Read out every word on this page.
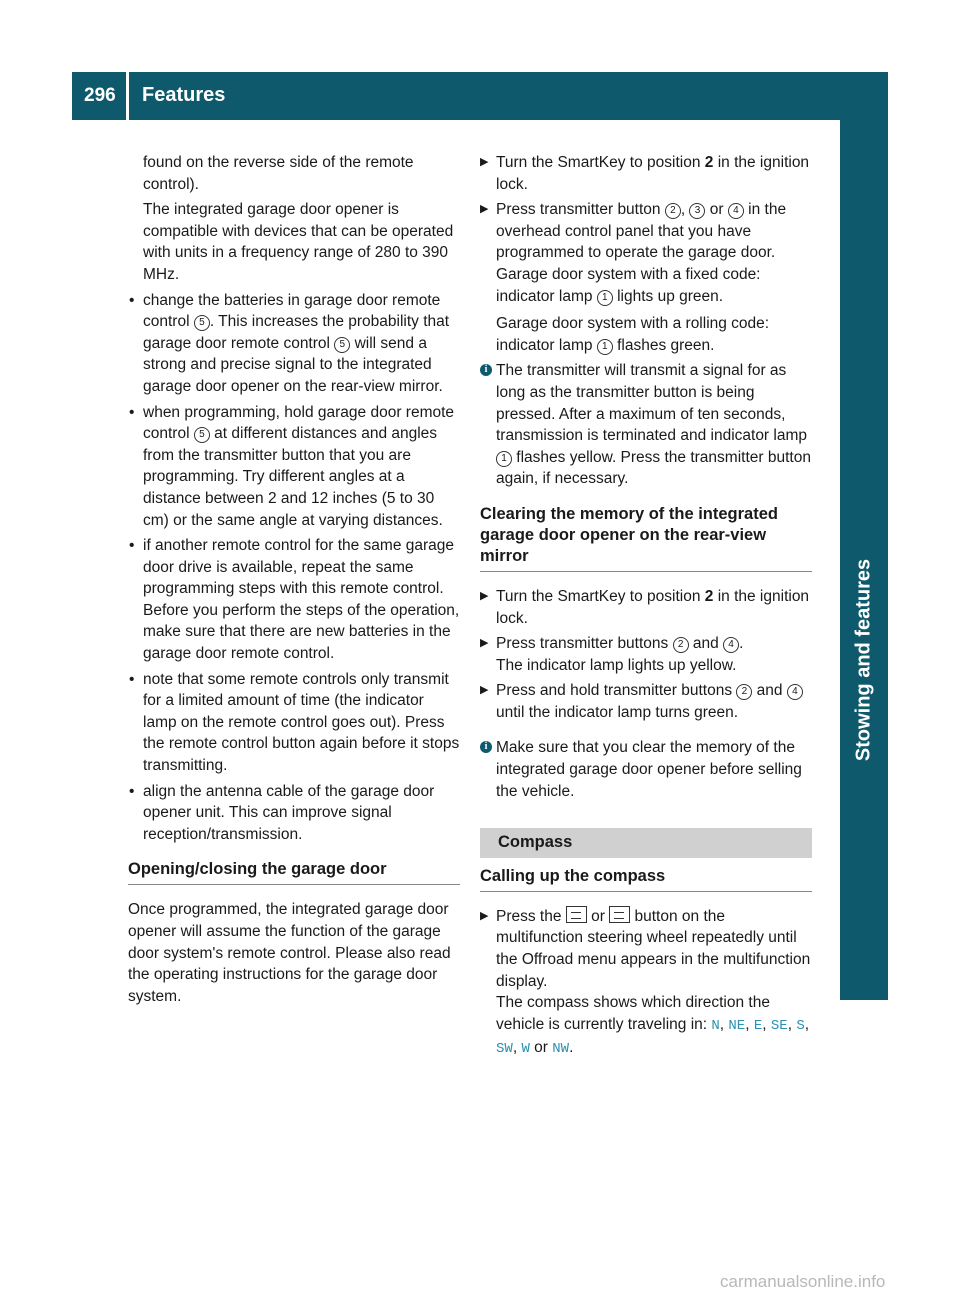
296 Features
Stowing and features

found on the reverse side of the remote control).

The integrated garage door opener is compatible with devices that can be operated with units in a frequency range of 280 to 390 MHz.

• change the batteries in garage door remote control 5 . This increases the probability that garage door remote control 5 will send a strong and precise signal to the integrated garage door opener on the rear-view mirror.
• when programming, hold garage door remote control 5 at different distances and angles from the transmitter button that you are programming. Try different angles at a distance between 2 and 12 inches (5 to 30 cm) or the same angle at varying distances.
• if another remote control for the same garage door drive is available, repeat the same programming steps with this remote control. Before you perform the steps of the operation, make sure that there are new batteries in the garage door remote control.
• note that some remote controls only transmit for a limited amount of time (the indicator lamp on the remote control goes out). Press the remote control button again before it stops transmitting.
• align the antenna cable of the garage door opener unit. This can improve signal reception/transmission.
Opening/closing the garage door

Once programmed, the integrated garage door opener will assume the function of the garage door system's remote control. Please also read the operating instructions for the garage door system.

▶ Turn the SmartKey to position 2 in the ignition lock.
▶ Press transmitter button 2 , 3 or 4 in the overhead control panel that you have programmed to operate the garage door. Garage door system with a fixed code: indicator lamp 1 lights up green.

Garage door system with a rolling code: indicator lamp 1 flashes green.

i The transmitter will transmit a signal for as long as the transmitter button is being pressed. After a maximum of ten seconds, transmission is terminated and indicator lamp 1 flashes yellow. Press the transmitter button again, if necessary.
Clearing the memory of the integrated garage door opener on the rear-view mirror
▶ Turn the SmartKey to position 2 in the ignition lock.
▶ Press transmitter buttons 2 and 4 .

The indicator lamp lights up yellow.

▶ Press and hold transmitter buttons 2 and 4 until the indicator lamp turns green.
i Make sure that you clear the memory of the integrated garage door opener before selling the vehicle.
Compass
Calling up the compass
▶ Press the  or  button on the multifunction steering wheel repeatedly until the Offroad menu appears in the multifunction display.

The compass shows which direction the vehicle is currently traveling in: N, NE, E, SE, S, SW, W or NW.

carmanualsonline.info
